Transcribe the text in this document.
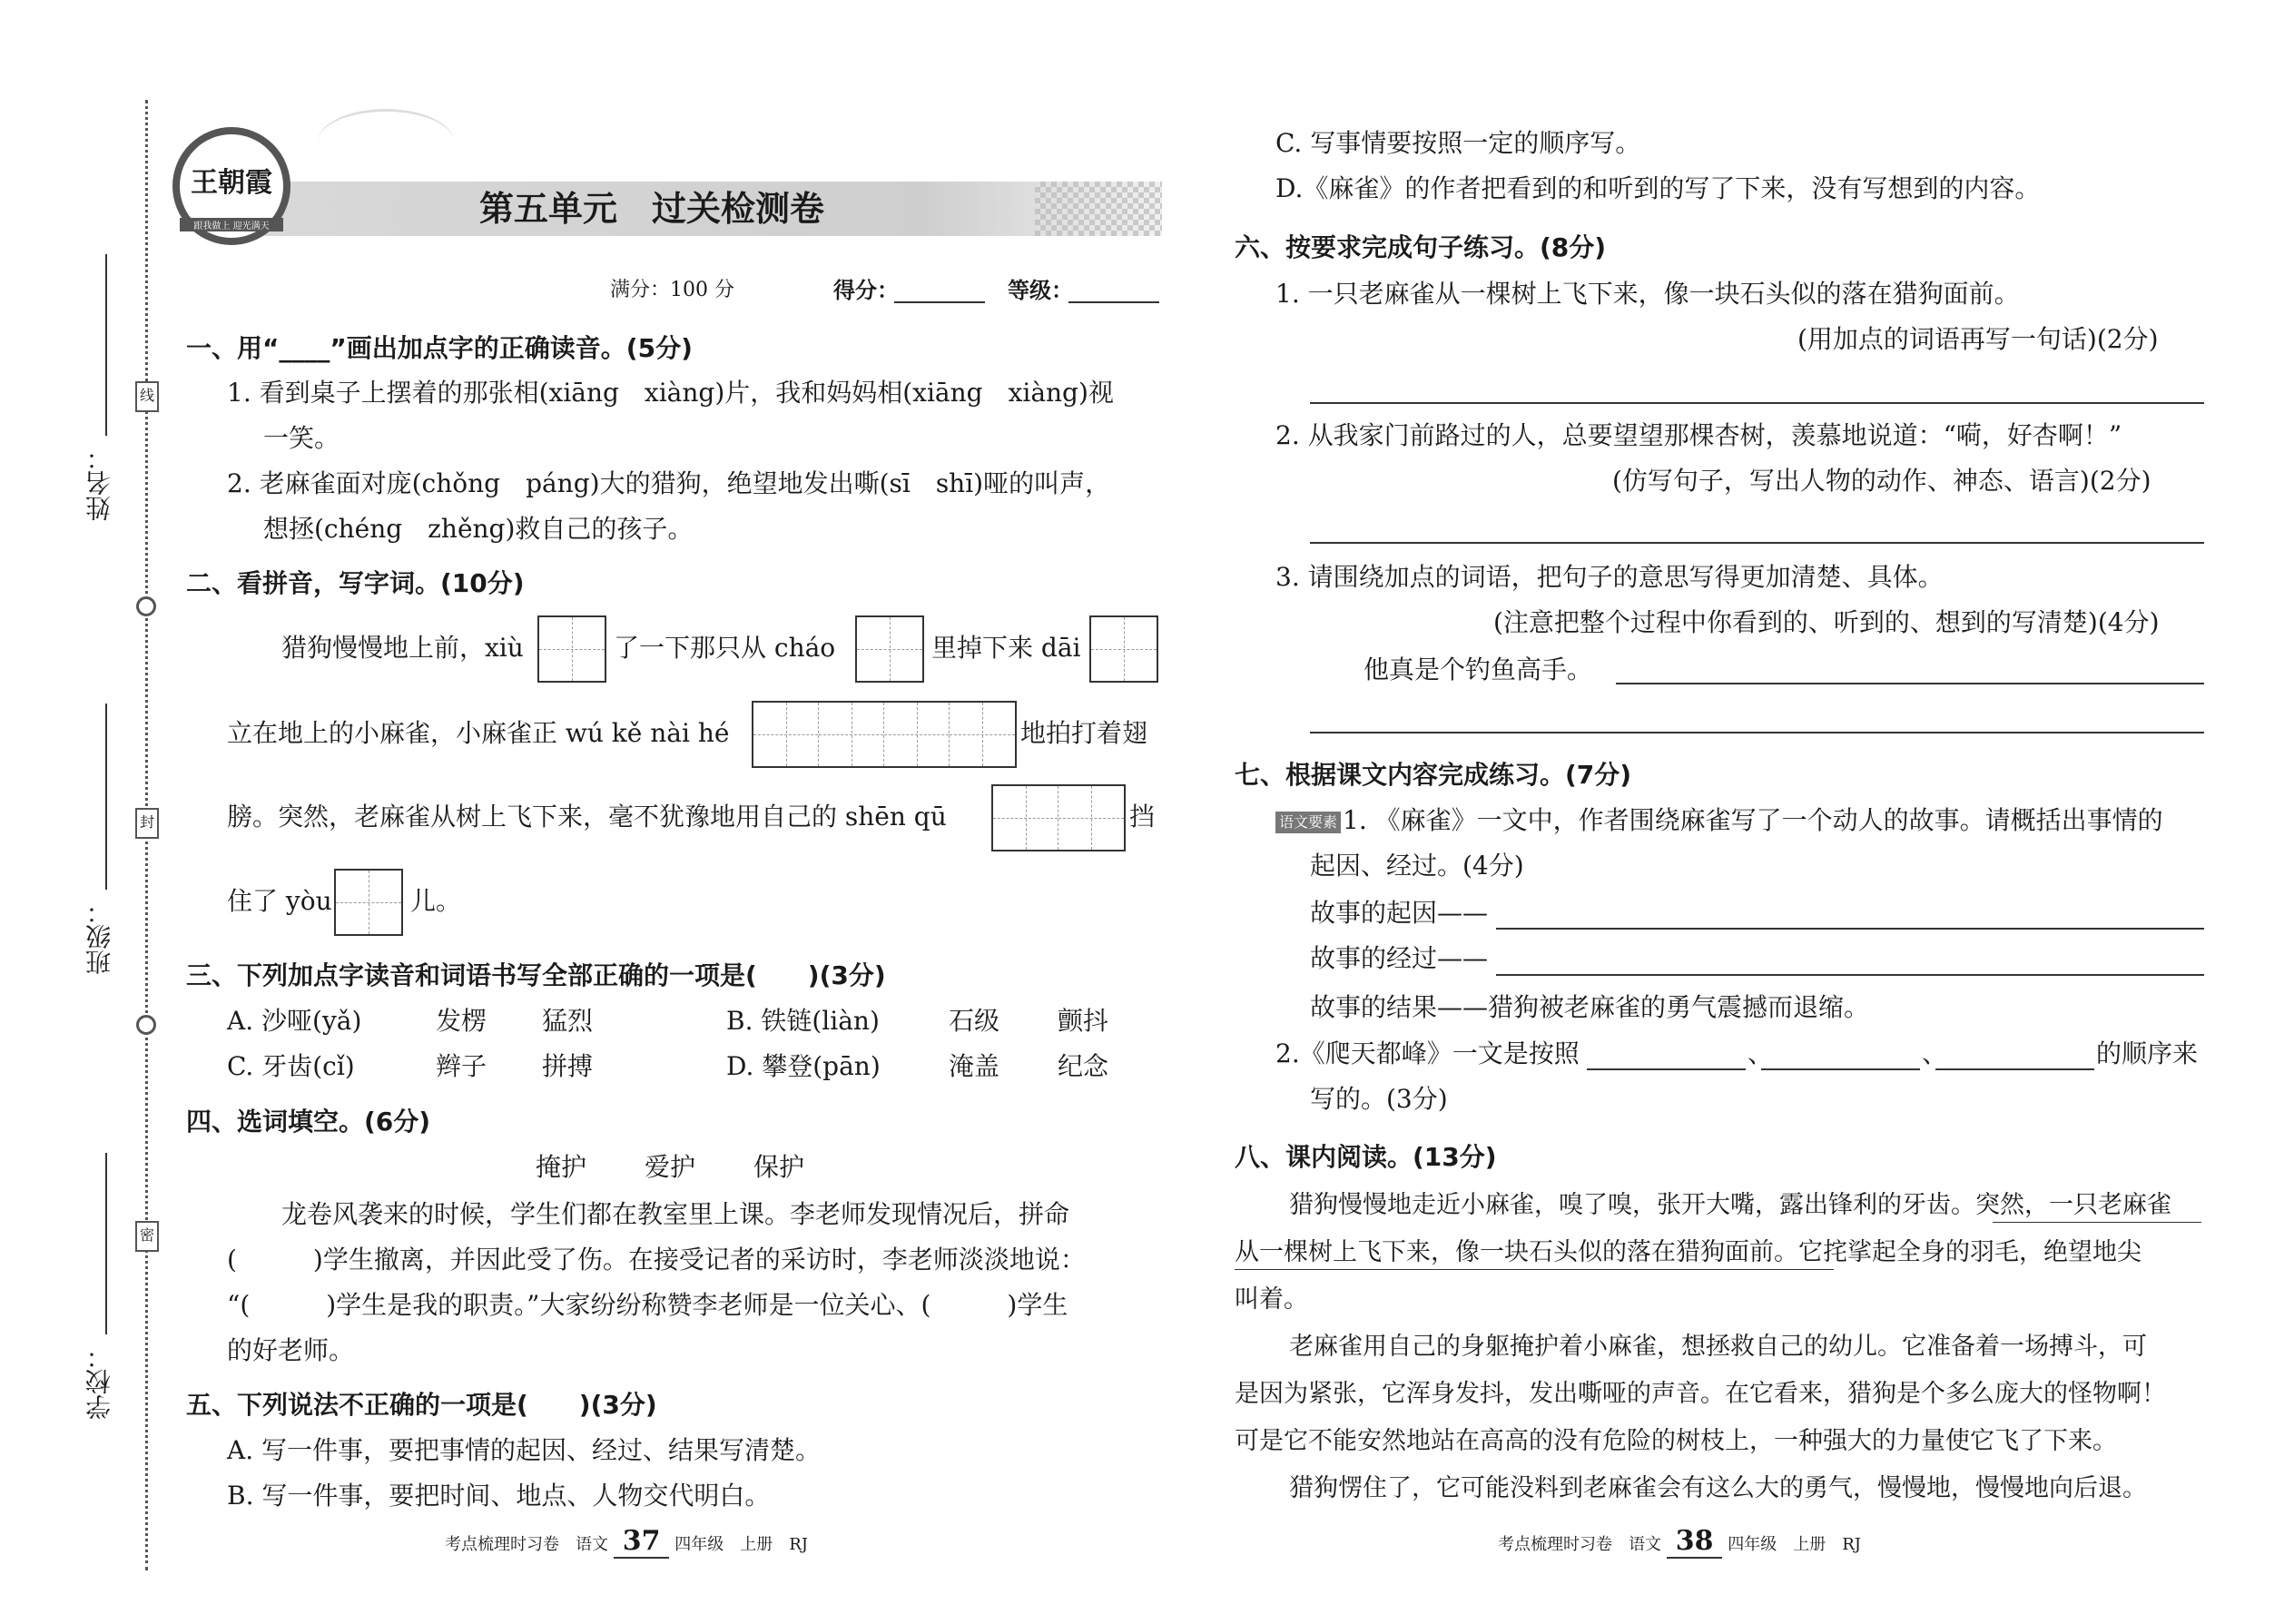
姓名：
班级：
学校：
线
封
密
王朝霞
跟我做上 迎光满天	第五单元　过关检测卷
满分：100 分	得分：	等级：
一、用“____”画出加点字的正确读音。(5分)
1. 看到桌子上摆着的那张相(xiāng　xiàng)片，我和妈妈相(xiāng　xiàng)视
一笑。
2. 老麻雀面对庞(chǒng　páng)大的猎狗，绝望地发出嘶(sī　shī)哑的叫声，
想拯(chéng　zhěng)救自己的孩子。
二、看拼音，写字词。(10分)
猎狗慢慢地上前，xiù	了一下那只从 cháo	里掉下来 dāi
立在地上的小麻雀，小麻雀正 wú kě nài hé	地拍打着翅
膀。突然，老麻雀从树上飞下来，毫不犹豫地用自己的 shēn qū	挡
住了 yòu	儿。
三、下列加点字读音和词语书写全部正确的一项是(　　)(3分)
A. 沙哑(yǎ)	发楞 猛烈	B. 铁链(liàn)	石级 颤抖
C. 牙齿(cǐ)	辫子 拼搏	D. 攀登(pān)	淹盖 纪念
四、选词填空。(6分)
掩护 爱护 保护
龙卷风袭来的时候，学生们都在教室里上课。李老师发现情况后，拼命
(　　　)学生撤离，并因此受了伤。在接受记者的采访时，李老师淡淡地说：
“(　　　)学生是我的职责。”大家纷纷称赞李老师是一位关心、(　　　)学生
的好老师。
五、下列说法不正确的一项是(　　)(3分)
A. 写一件事，要把事情的起因、经过、结果写清楚。
B. 写一件事，要把时间、地点、人物交代明白。
C. 写事情要按照一定的顺序写。
D.《麻雀》的作者把看到的和听到的写了下来，没有写想到的内容。
六、按要求完成句子练习。(8分)
1. 一只老麻雀从一棵树上飞下来，像一块石头似的落在猎狗面前。
(用加点的词语再写一句话)(2分)
2. 从我家门前路过的人，总要望望那棵杏树，羡慕地说道：“嗬，好杏啊！”
(仿写句子，写出人物的动作、神态、语言)(2分)
3. 请围绕加点的词语，把句子的意思写得更加清楚、具体。
(注意把整个过程中你看到的、听到的、想到的写清楚)(4分)
他真是个钓鱼高手。
七、根据课文内容完成练习。(7分)
语文要素 1. 《麻雀》一文中，作者围绕麻雀写了一个动人的故事。请概括出事情的
起因、经过。(4分)
故事的起因——
故事的经过——
故事的结果——猎狗被老麻雀的勇气震撼而退缩。
2.《爬天都峰》一文是按照	、	、	的顺序来
写的。(3分)
八、课内阅读。(13分)
猎狗慢慢地走近小麻雀，嗅了嗅，张开大嘴，露出锋利的牙齿。突然，一只老麻雀
从一棵树上飞下来，像一块石头似的落在猎狗面前。它挓挲起全身的羽毛，绝望地尖
叫着。
老麻雀用自己的身躯掩护着小麻雀，想拯救自己的幼儿。它准备着一场搏斗，可
是因为紧张，它浑身发抖，发出嘶哑的声音。在它看来，猎狗是个多么庞大的怪物啊！
可是它不能安然地站在高高的没有危险的树枝上，一种强大的力量使它飞了下来。
猎狗愣住了，它可能没料到老麻雀会有这么大的勇气，慢慢地，慢慢地向后退。
考点梳理时习卷　语文 37 四年级　上册　RJ	考点梳理时习卷　语文 38 四年级　上册　RJ
